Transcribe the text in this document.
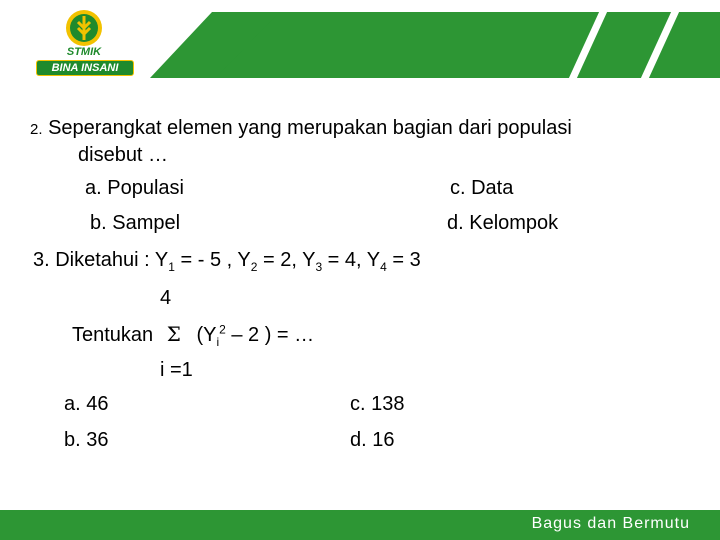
STMIK
BINA INSANI
2. Seperangkat elemen yang merupakan bagian dari populasi
disebut …
a. Populasi	c. Data
b. Sampel	d. Kelompok
3. Diketahui : $Y_1$ = - 5 , $Y_2 = 2$, $Y_3 = 4$, $Y_4 = 3$
4
Tentukan Σ ($Y_i^2 - 2$ ) = …
i =1
a. 46	c. 138
b. 36	d. 16
Bagus dan Bermutu
